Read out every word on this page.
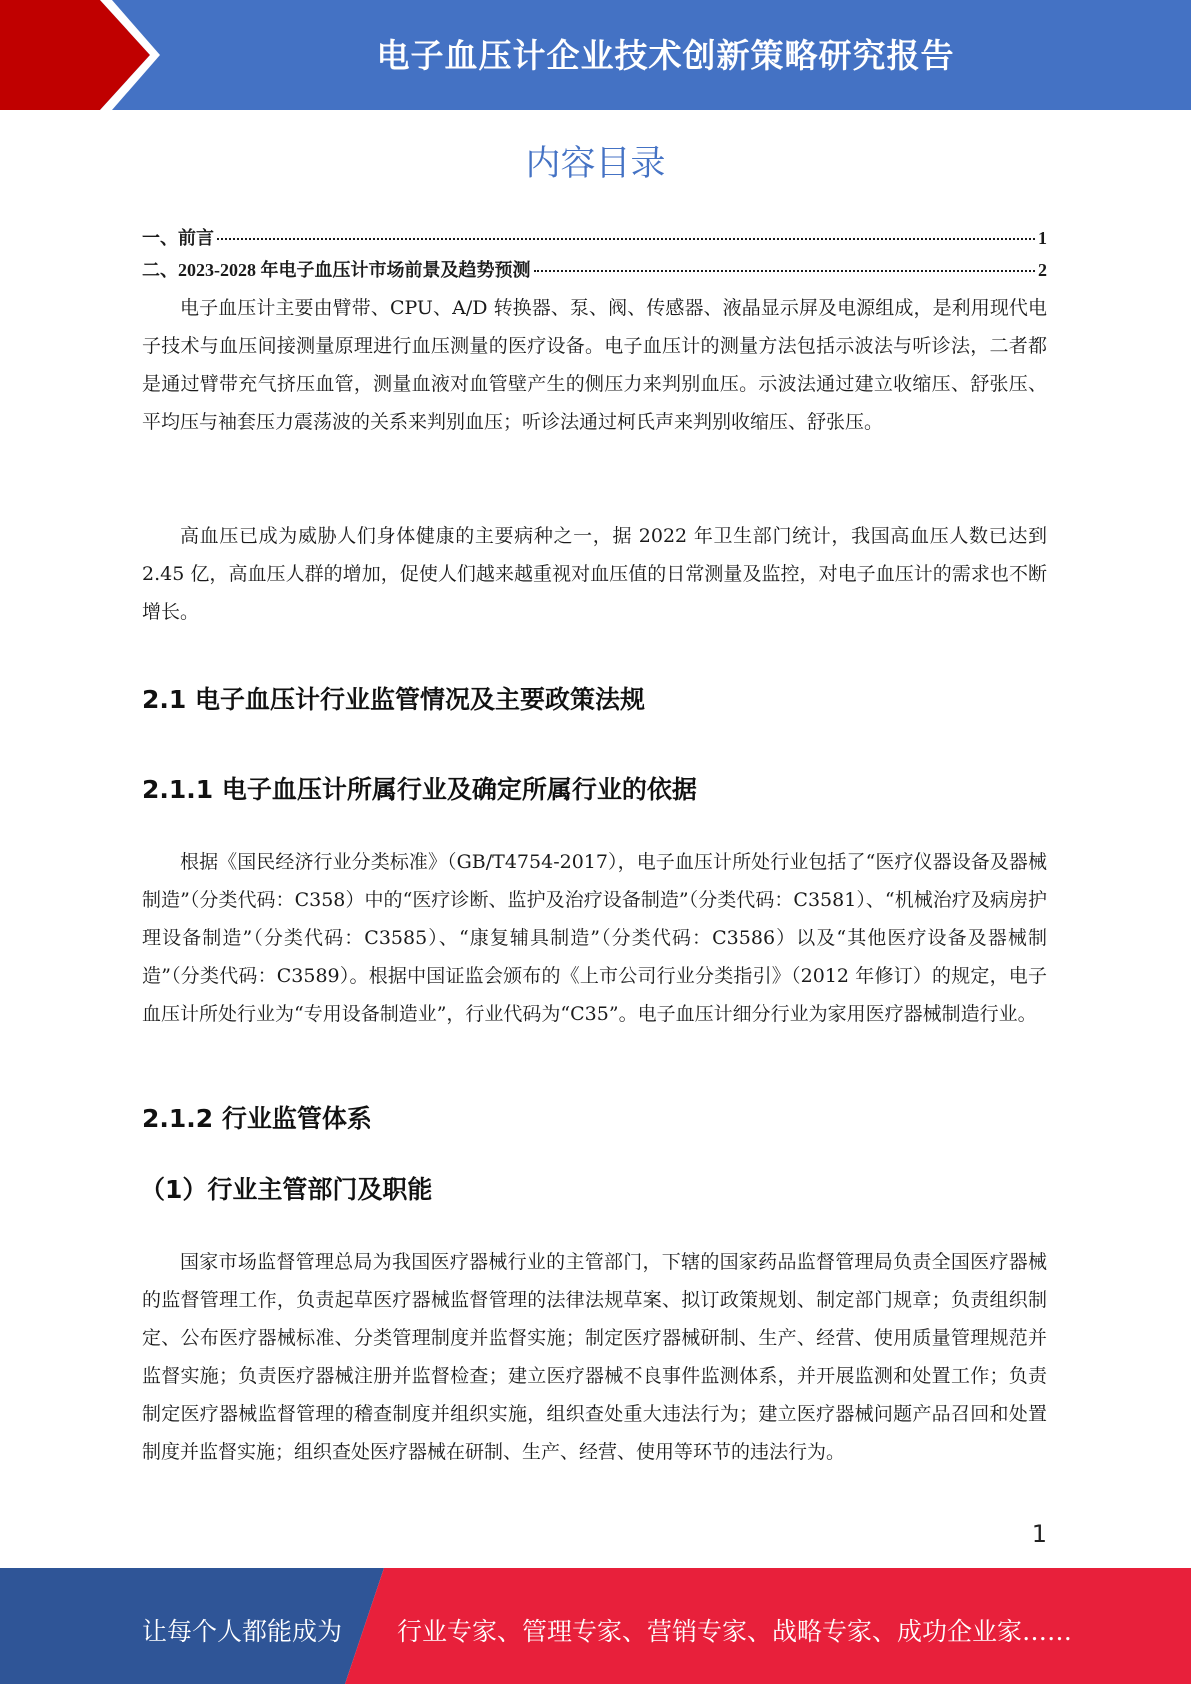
电子血压计企业技术创新策略研究报告
内容目录
一、前言	1
二、2023-2028 年电子血压计市场前景及趋势预测	2

电子血压计主要由臂带、CPU、A/D 转换器、泵、阀、传感器、液晶显示屏及电源组成，是利用现代电子技术与血压间接测量原理进行血压测量的医疗设备。电子血压计的测量方法包括示波法与听诊法，二者都是通过臂带充气挤压血管，测量血液对血管壁产生的侧压力来判别血压。示波法通过建立收缩压、舒张压、平均压与袖套压力震荡波的关系来判别血压；听诊法通过柯氏声来判别收缩压、舒张压。

高血压已成为威胁人们身体健康的主要病种之一，据 2022 年卫生部门统计，我国高血压人数已达到 2.45 亿，高血压人群的增加，促使人们越来越重视对血压值的日常测量及监控，对电子血压计的需求也不断增长。

2.1 电子血压计行业监管情况及主要政策法规
2.1.1 电子血压计所属行业及确定所属行业的依据

根据《国民经济行业分类标准》（GB/T4754-2017），电子血压计所处行业包括了“医疗仪器设备及器械制造”（分类代码：C358）中的“医疗诊断、监护及治疗设备制造”（分类代码：C3581）、“机械治疗及病房护理设备制造”（分类代码：C3585）、“康复辅具制造”（分类代码：C3586）以及“其他医疗设备及器械制造”（分类代码：C3589）。根据中国证监会颁布的《上市公司行业分类指引》（2012 年修订）的规定，电子血压计所处行业为“专用设备制造业”，行业代码为“C35”。电子血压计细分行业为家用医疗器械制造行业。

2.1.2 行业监管体系
（1）行业主管部门及职能

国家市场监督管理总局为我国医疗器械行业的主管部门，下辖的国家药品监督管理局负责全国医疗器械的监督管理工作，负责起草医疗器械监督管理的法律法规草案、拟订政策规划、制定部门规章；负责组织制定、公布医疗器械标准、分类管理制度并监督实施；制定医疗器械研制、生产、经营、使用质量管理规范并监督实施；负责医疗器械注册并监督检查；建立医疗器械不良事件监测体系，并开展监测和处置工作；负责制定医疗器械监督管理的稽查制度并组织实施，组织查处重大违法行为；建立医疗器械问题产品召回和处置制度并监督实施；组织查处医疗器械在研制、生产、经营、使用等环节的违法行为。

1
让每个人都能成为 行业专家、管理专家、营销专家、战略专家、成功企业家……
